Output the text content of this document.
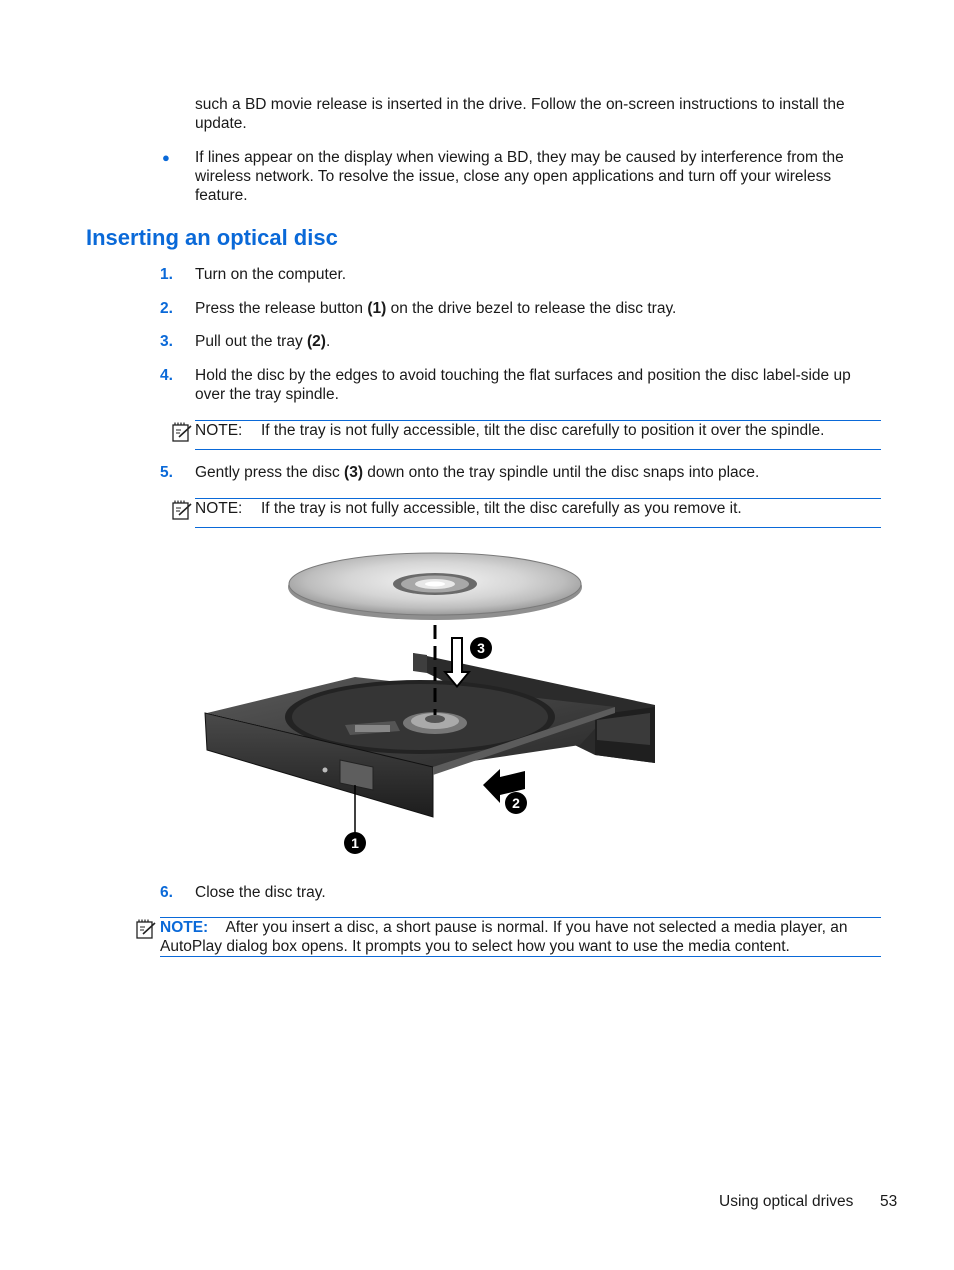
such a BD movie release is inserted in the drive. Follow the on-screen instructions to install the update.
● If lines appear on the display when viewing a BD, they may be caused by interference from the wireless network. To resolve the issue, close any open applications and turn off your wireless feature.
Inserting an optical disc
1. Turn on the computer.
2. Press the release button (1) on the drive bezel to release the disc tray.
3. Pull out the tray (2).
4. Hold the disc by the edges to avoid touching the flat surfaces and position the disc label-side up over the tray spindle.
NOTE: If the tray is not fully accessible, tilt the disc carefully to position it over the spindle.
5. Gently press the disc (3) down onto the tray spindle until the disc snaps into place.
NOTE: If the tray is not fully accessible, tilt the disc carefully as you remove it.
1
2
3
6. Close the disc tray.
NOTE: After you insert a disc, a short pause is normal. If you have not selected a media player, an AutoPlay dialog box opens. It prompts you to select how you want to use the media content.
Using optical drives 53
